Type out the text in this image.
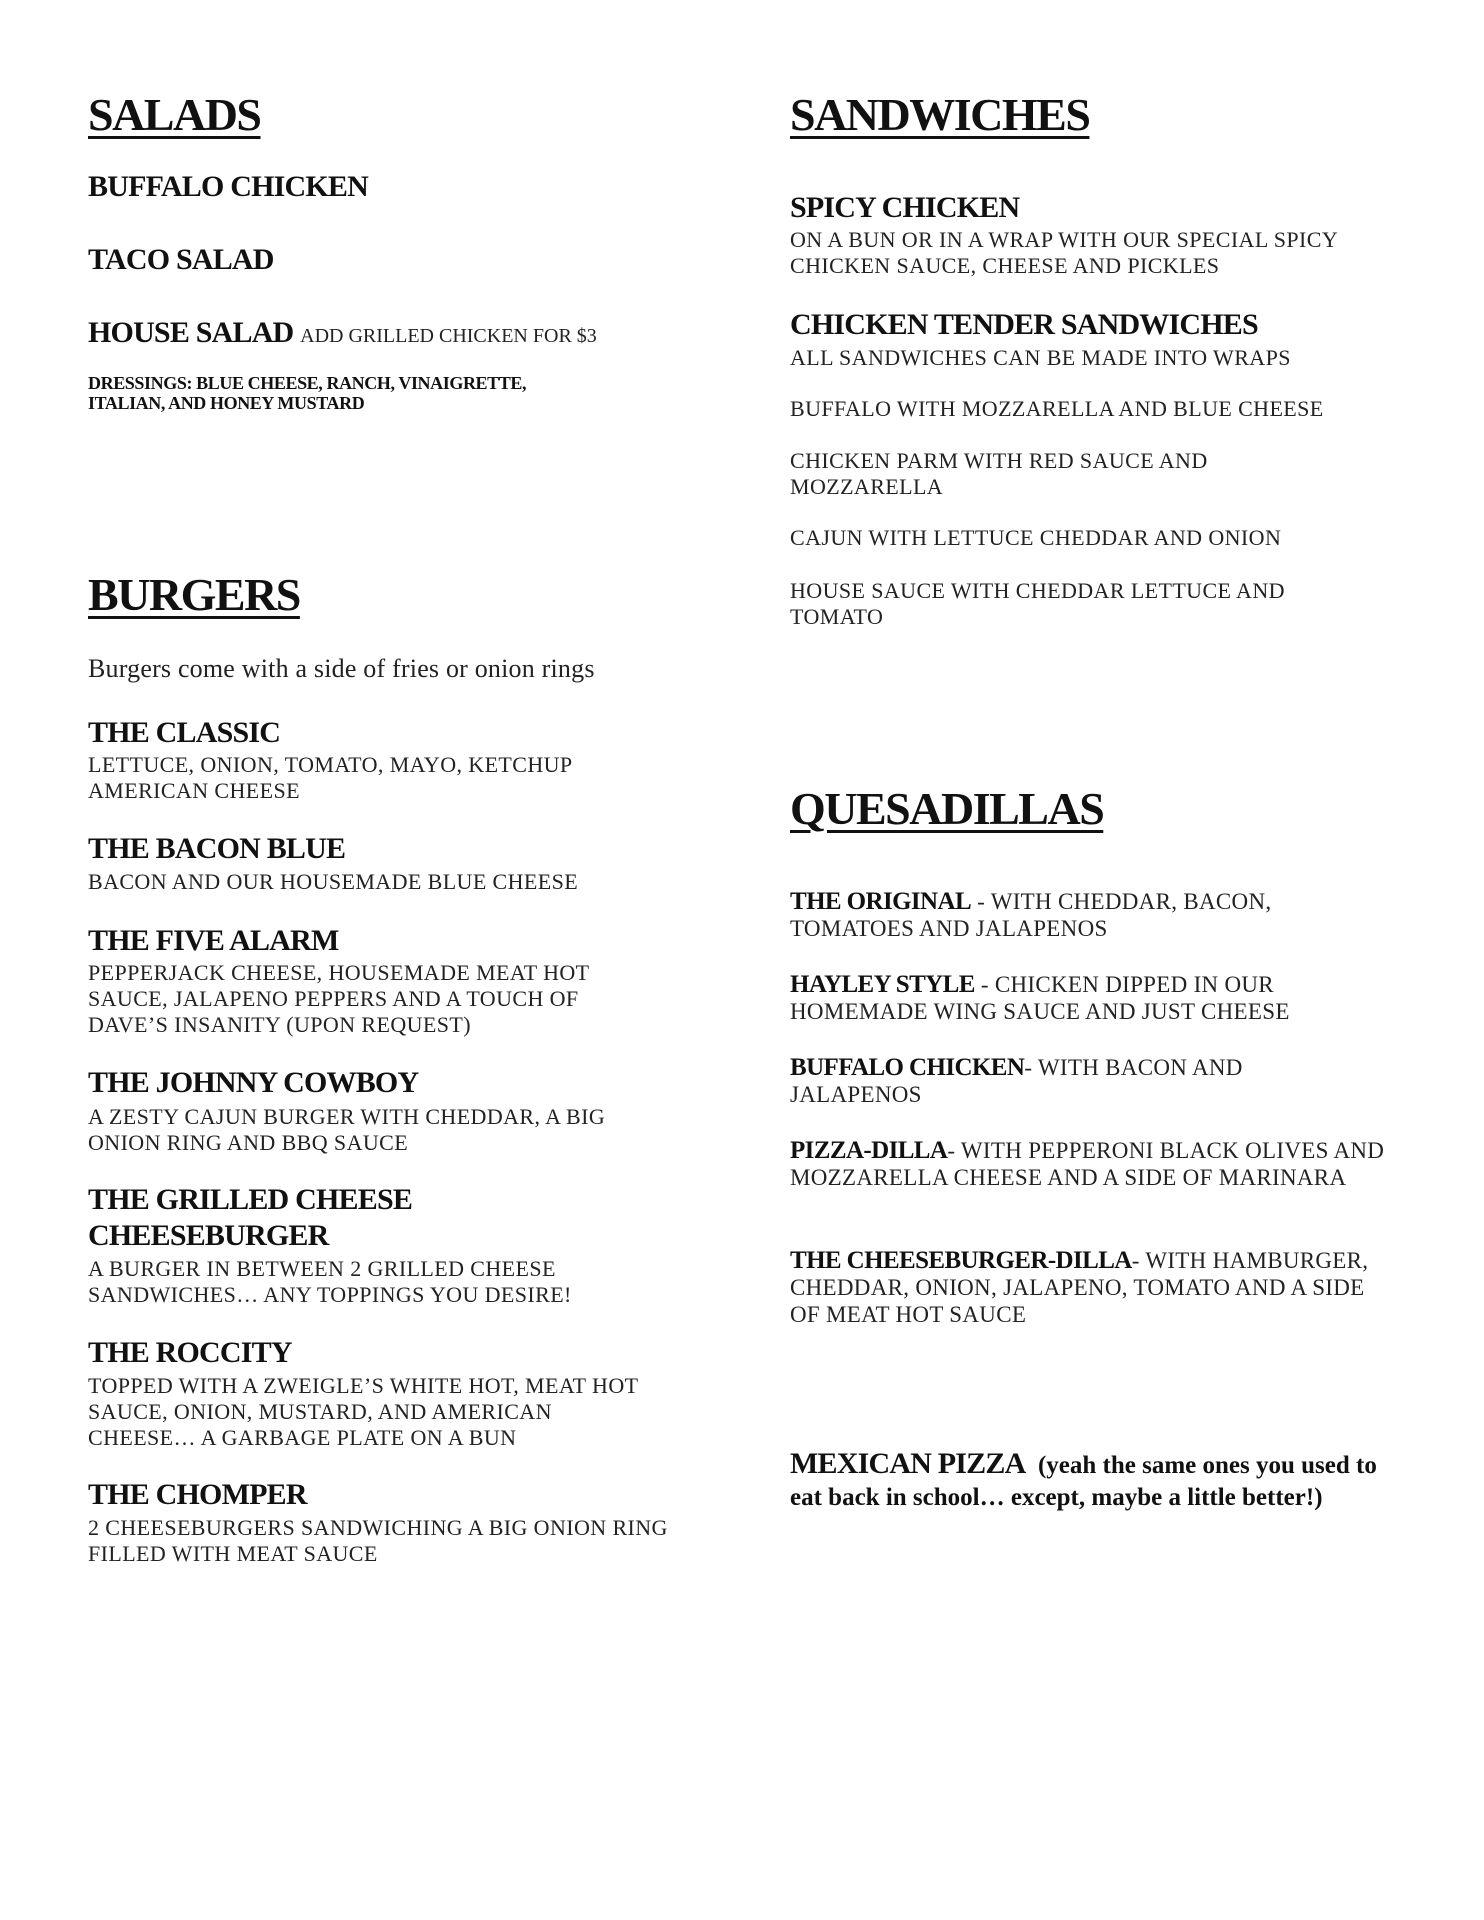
SALADS
BUFFALO CHICKEN
TACO SALAD
HOUSE SALAD ADD GRILLED CHICKEN FOR $3
DRESSINGS: BLUE CHEESE, RANCH, VINAIGRETTE, ITALIAN, AND HONEY MUSTARD
BURGERS
Burgers come with a side of fries or onion rings
THE CLASSIC
LETTUCE, ONION, TOMATO, MAYO, KETCHUP AMERICAN CHEESE
THE BACON BLUE
BACON AND OUR HOUSEMADE BLUE CHEESE
THE FIVE ALARM
PEPPERJACK CHEESE, HOUSEMADE MEAT HOT SAUCE, JALAPENO PEPPERS AND A TOUCH OF DAVE’S INSANITY (UPON REQUEST)
THE JOHNNY COWBOY
A ZESTY CAJUN BURGER WITH CHEDDAR, A BIG ONION RING AND BBQ SAUCE
THE GRILLED CHEESE CHEESEBURGER
A BURGER IN BETWEEN 2 GRILLED CHEESE SANDWICHES… ANY TOPPINGS YOU DESIRE!
THE ROCCITY
TOPPED WITH A ZWEIGLE’S WHITE HOT, MEAT HOT SAUCE, ONION, MUSTARD, AND AMERICAN CHEESE… A GARBAGE PLATE ON A BUN
THE CHOMPER
2 CHEESEBURGERS SANDWICHING A BIG ONION RING FILLED WITH MEAT SAUCE
SANDWICHES
SPICY CHICKEN
ON A BUN OR IN A WRAP WITH OUR SPECIAL SPICY CHICKEN SAUCE, CHEESE AND PICKLES
CHICKEN TENDER SANDWICHES
ALL SANDWICHES CAN BE MADE INTO WRAPS
BUFFALO WITH MOZZARELLA AND BLUE CHEESE
CHICKEN PARM WITH RED SAUCE AND MOZZARELLA
CAJUN WITH LETTUCE CHEDDAR AND ONION
HOUSE SAUCE WITH CHEDDAR LETTUCE AND TOMATO
QUESADILLAS
THE ORIGINAL - WITH CHEDDAR, BACON, TOMATOES AND JALAPENOS
HAYLEY STYLE - CHICKEN DIPPED IN OUR HOMEMADE WING SAUCE AND JUST CHEESE
BUFFALO CHICKEN- WITH BACON AND JALAPENOS
PIZZA-DILLA- WITH PEPPERONI BLACK OLIVES AND MOZZARELLA CHEESE AND A SIDE OF MARINARA
THE CHEESEBURGER-DILLA- WITH HAMBURGER, CHEDDAR, ONION, JALAPENO, TOMATO AND A SIDE OF MEAT HOT SAUCE
MEXICAN PIZZA (yeah the same ones you used to eat back in school… except, maybe a little better!)
